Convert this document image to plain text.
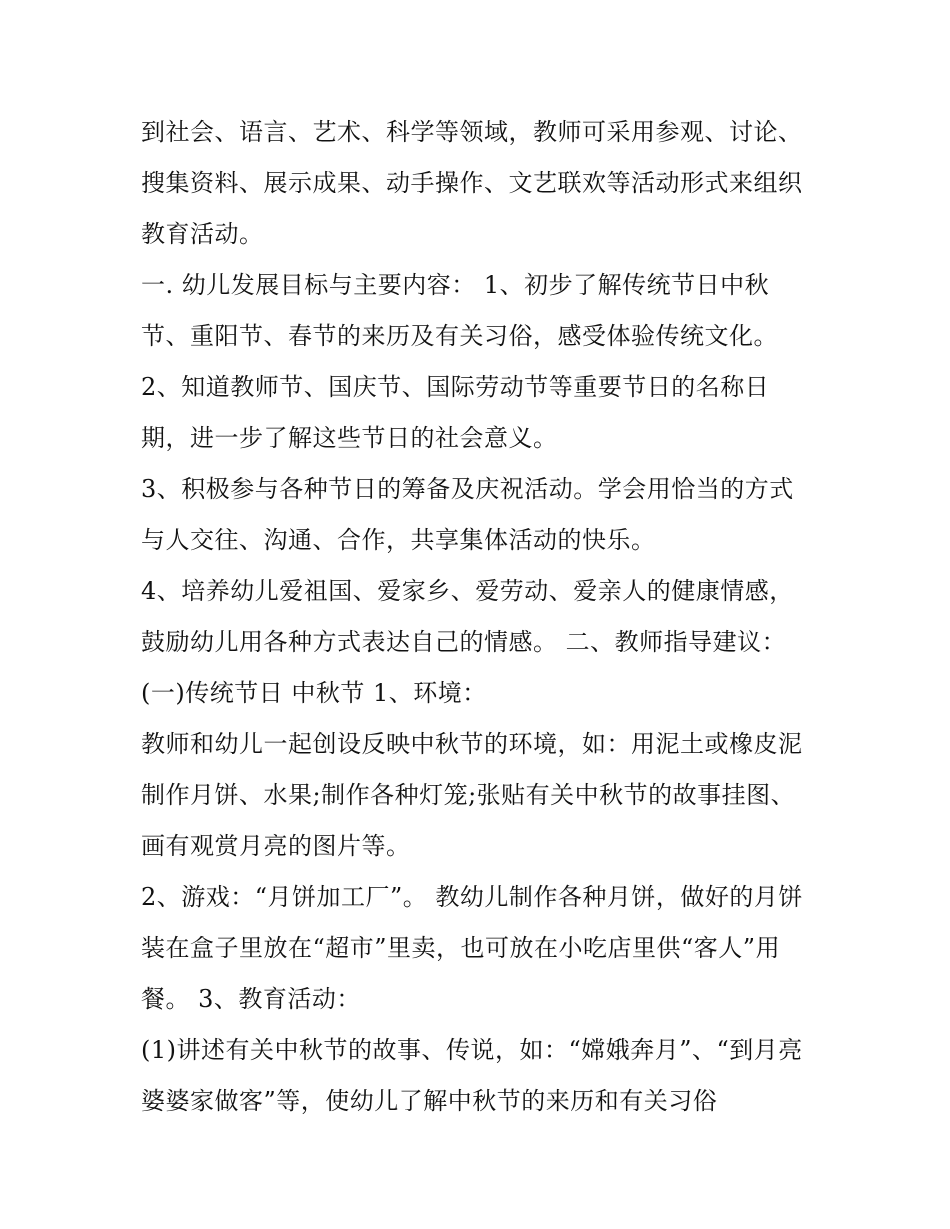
到社会、语言、艺术、科学等领域，教师可采用参观、讨论、

搜集资料、展示成果、动手操作、文艺联欢等活动形式来组织

教育活动。

一. 幼儿发展目标与主要内容： 1、初步了解传统节日中秋

节、重阳节、春节的来历及有关习俗，感受体验传统文化。

2、知道教师节、国庆节、国际劳动节等重要节日的名称日

期，进一步了解这些节日的社会意义。

3、积极参与各种节日的筹备及庆祝活动。学会用恰当的方式

与人交往、沟通、合作，共享集体活动的快乐。

4、培养幼儿爱祖国、爱家乡、爱劳动、爱亲人的健康情感，

鼓励幼儿用各种方式表达自己的情感。 二、教师指导建议：

(一)传统节日 中秋节 1、环境：

教师和幼儿一起创设反映中秋节的环境，如：用泥土或橡皮泥

制作月饼、水果;制作各种灯笼;张贴有关中秋节的故事挂图、

画有观赏月亮的图片等。

2、游戏：“月饼加工厂”。 教幼儿制作各种月饼，做好的月饼

装在盒子里放在“超市”里卖，也可放在小吃店里供“客人”用

餐。 3、教育活动：

(1)讲述有关中秋节的故事、传说，如：“嫦娥奔月”、“到月亮

婆婆家做客”等，使幼儿了解中秋节的来历和有关习俗
